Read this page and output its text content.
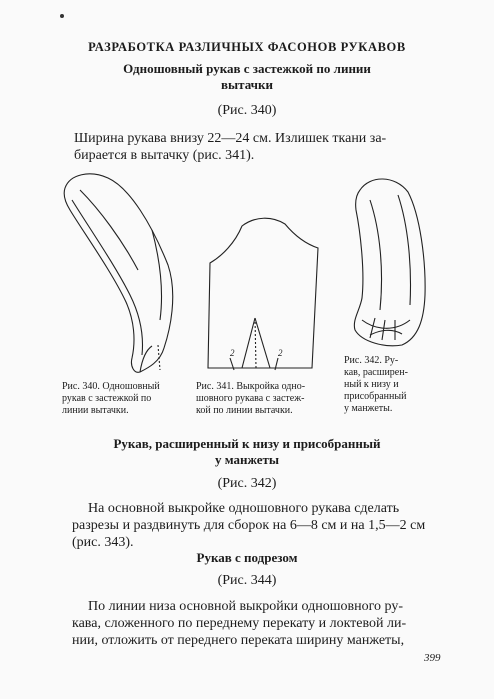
РАЗРАБОТКА РАЗЛИЧНЫХ ФАСОНОВ РУКАВОВ
Одношовный рукав с застежкой по линии
вытачки
(Рис. 340)
Ширина рукава внизу 22—24 см. Излишек ткани за-
бирается в вытачку (рис. 341).
Рис. 340. Одношовный
рукав с застежкой по
линии вытачки.
2	2
Рис. 341. Выкройка одно-
шовного рукава с застеж-
кой по линии вытачки.
Рис. 342. Ру-
кав, расширен-
ный к низу и
присобранный
у манжеты.
Рукав, расширенный к низу и присобранный
у манжеты
(Рис. 342)
На основной выкройке одношовного рукава сделать
разрезы и раздвинуть для сборок на 6—8 см и на 1,5—2 см
(рис. 343).
Рукав с подрезом
(Рис. 344)
По линии низа основной выкройки одношовного ру-
кава, сложенного по переднему перекату и локтевой ли-
нии, отложить от переднего переката ширину манжеты,
399
